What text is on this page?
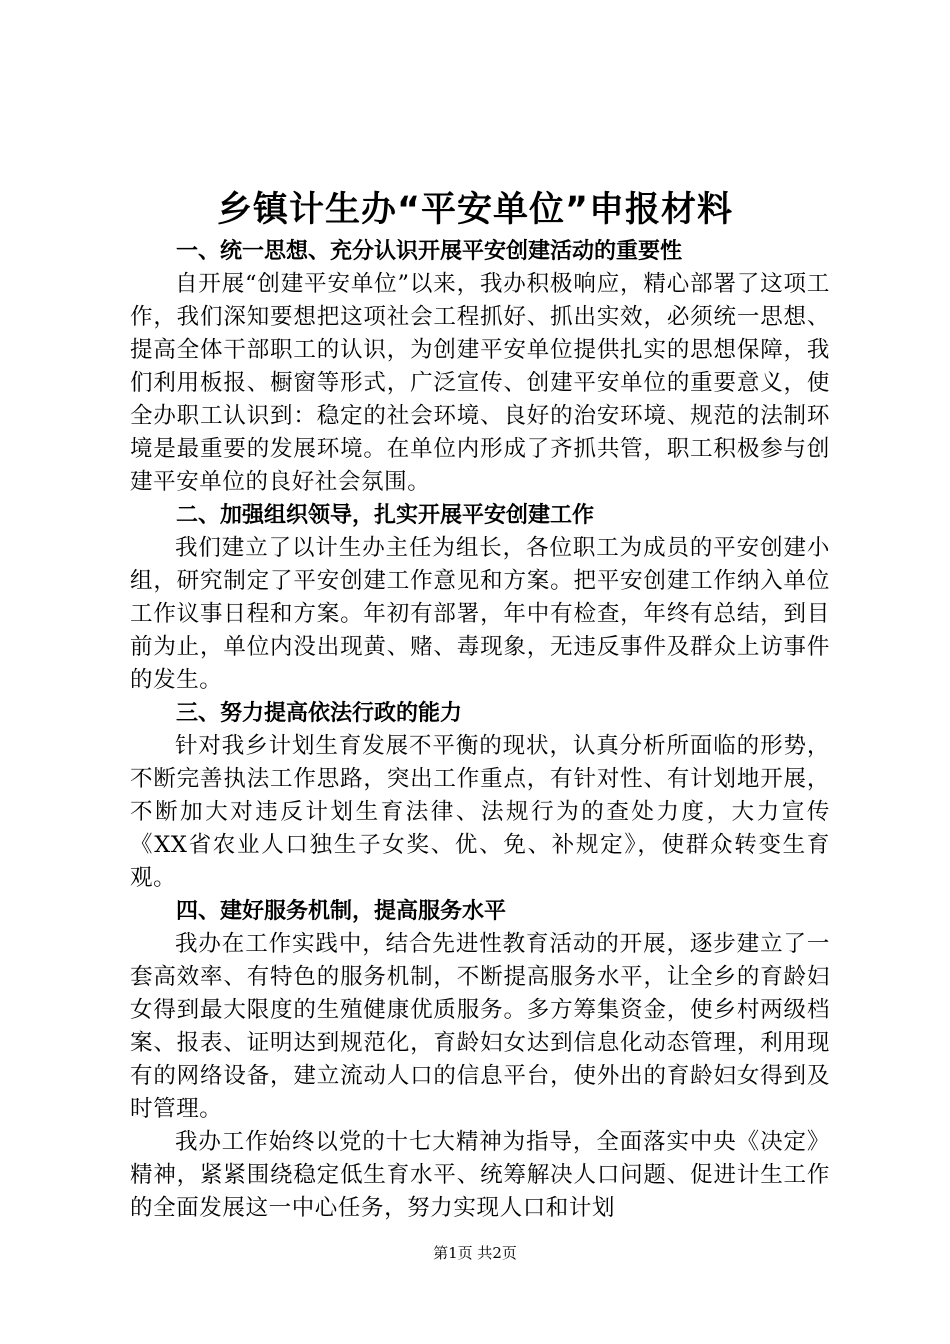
乡镇计生办“平安单位”申报材料
一、统一思想、充分认识开展平安创建活动的重要性

自开展“创建平安单位”以来，我办积极响应，精心部署了这项工作，我们深知要想把这项社会工程抓好、抓出实效，必须统一思想、提高全体干部职工的认识，为创建平安单位提供扎实的思想保障，我们利用板报、橱窗等形式，广泛宣传、创建平安单位的重要意义，使全办职工认识到：稳定的社会环境、良好的治安环境、规范的法制环境是最重要的发展环境。在单位内形成了齐抓共管，职工积极参与创建平安单位的良好社会氛围。

二、加强组织领导，扎实开展平安创建工作

我们建立了以计生办主任为组长，各位职工为成员的平安创建小组，研究制定了平安创建工作意见和方案。把平安创建工作纳入单位工作议事日程和方案。年初有部署，年中有检查，年终有总结，到目前为止，单位内没出现黄、赌、毒现象，无违反事件及群众上访事件的发生。

三、努力提高依法行政的能力

针对我乡计划生育发展不平衡的现状，认真分析所面临的形势，不断完善执法工作思路，突出工作重点，有针对性、有计划地开展，不断加大对违反计划生育法律、法规行为的查处力度，大力宣传《XX省农业人口独生子女奖、优、免、补规定》，使群众转变生育观。

四、建好服务机制，提高服务水平

我办在工作实践中，结合先进性教育活动的开展，逐步建立了一套高效率、有特色的服务机制，不断提高服务水平，让全乡的育龄妇女得到最大限度的生殖健康优质服务。多方筹集资金，使乡村两级档案、报表、证明达到规范化，育龄妇女达到信息化动态管理，利用现有的网络设备，建立流动人口的信息平台，使外出的育龄妇女得到及时管理。

我办工作始终以党的十七大精神为指导，全面落实中央《决定》精神，紧紧围绕稳定低生育水平、统筹解决人口问题、促进计生工作的全面发展这一中心任务，努力实现人口和计划

第1页 共2页
